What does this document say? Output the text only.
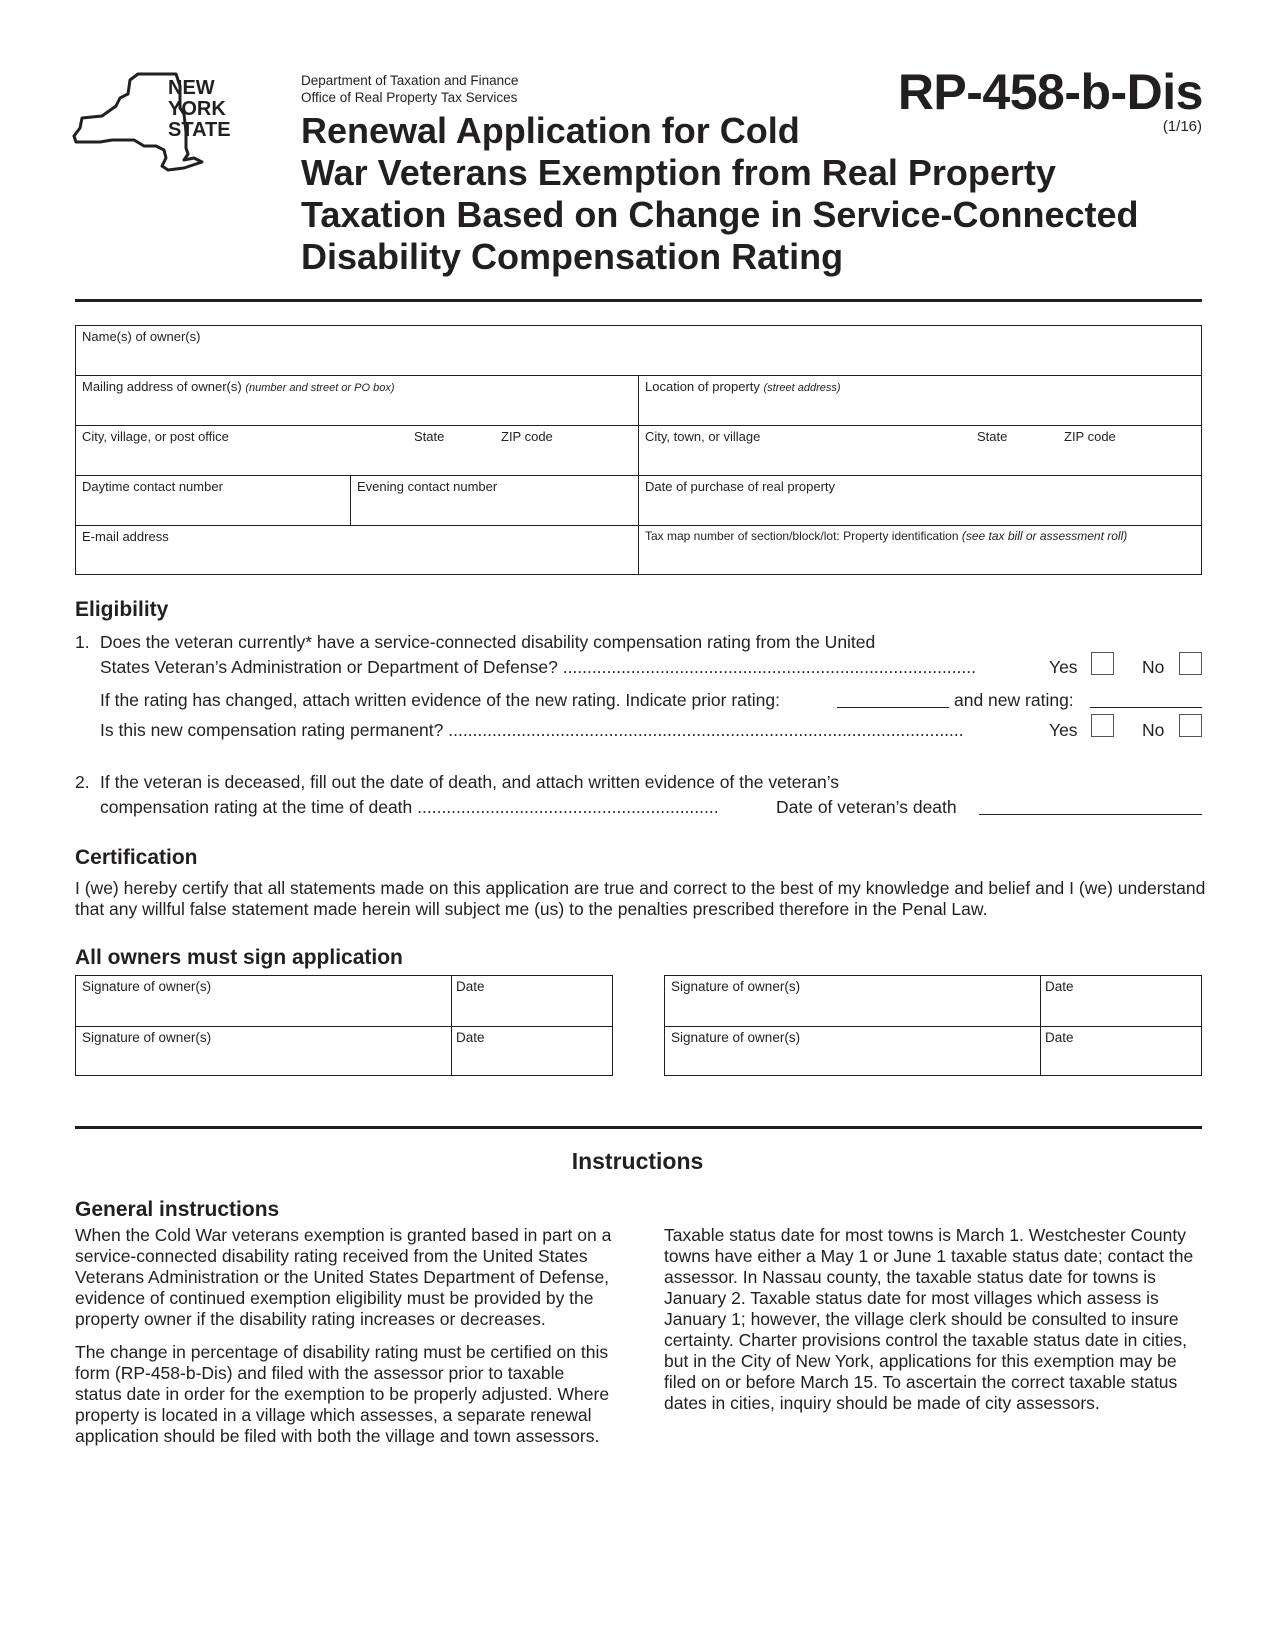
NEW
YORK
STATE
Department of Taxation and Finance
Office of Real Property Tax Services	RP-458-b-Dis
(1/16)
Renewal Application for Cold
War Veterans Exemption from Real Property
Taxation Based on Change in Service-Connected
Disability Compensation Rating
Name(s) of owner(s)
Mailing address of owner(s) (number and street or PO box)	Location of property (street address)
City, village, or post office	State	ZIP code	City, town, or village	State	ZIP code
Daytime contact number	Evening contact number	Date of purchase of real property
E-mail address	Tax map number of section/block/lot: Property identification (see tax bill or assessment roll)
Eligibility
1. Does the veteran currently* have a service-connected disability compensation rating from the United
States Veteran’s Administration or Department of Defense? .....................................................................................	Yes	No
If the rating has changed, attach written evidence of the new rating. Indicate prior rating:	and new rating:
Is this new compensation rating permanent? ..........................................................................................................	Yes	No
2. If the veteran is deceased, fill out the date of death, and attach written evidence of the veteran’s
compensation rating at the time of death ..............................................................	Date of veteran’s death
Certification
I (we) hereby certify that all statements made on this application are true and correct to the best of my knowledge and belief and I (we) understand that any willful false statement made herein will subject me (us) to the penalties prescribed therefore in the Penal Law.
All owners must sign application
Signature of owner(s)	Date
Signature of owner(s)	Date
Signature of owner(s)	Date
Signature of owner(s)	Date
Instructions
General instructions

When the Cold War veterans exemption is granted based in part on a service-connected disability rating received from the United States Veterans Administration or the United States Department of Defense, evidence of continued exemption eligibility must be provided by the property owner if the disability rating increases or decreases.

The change in percentage of disability rating must be certified on this form (RP-458-b-Dis) and filed with the assessor prior to taxable status date in order for the exemption to be properly adjusted. Where property is located in a village which assesses, a separate renewal application should be filed with both the village and town assessors.

Taxable status date for most towns is March 1. Westchester County towns have either a May 1 or June 1 taxable status date; contact the assessor. In Nassau county, the taxable status date for towns is January 2. Taxable status date for most villages which assess is January 1; however, the village clerk should be consulted to insure certainty. Charter provisions control the taxable status date in cities, but in the City of New York, applications for this exemption may be filed on or before March 15. To ascertain the correct taxable status dates in cities, inquiry should be made of city assessors.
